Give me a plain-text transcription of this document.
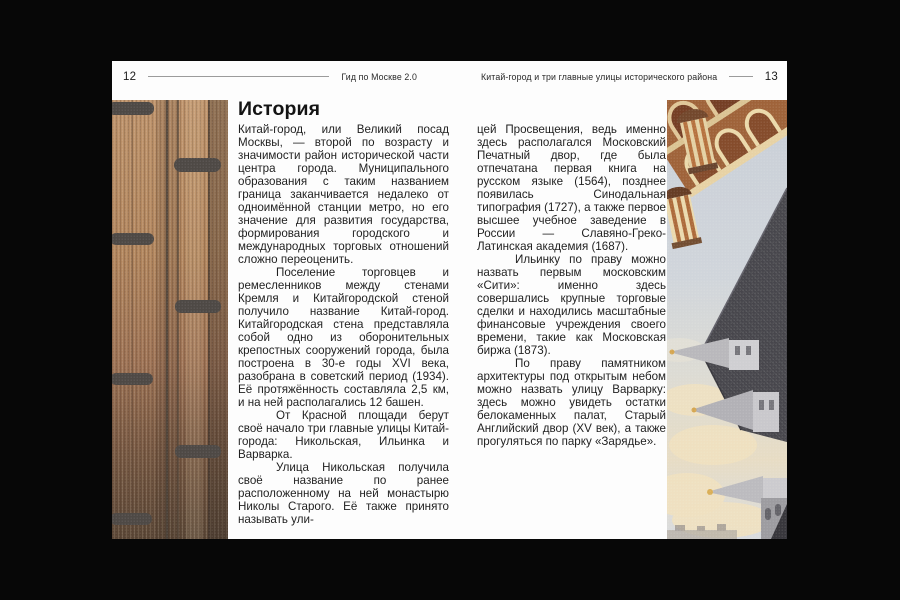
12	Гид по Москве 2.0	Китай-город и три главные улицы исторического района	13
История

Китай-город, или Великий посад Москвы, — второй по возрасту и значимости район исторической части центра города. Муниципального образования с таким названием граница заканчивается недалеко от одноимённой станции метро, но его значение для развития государства, формирования городского и международных торговых отношений сложно переоценить.

Поселение торговцев и ремесленников между стенами Кремля и Китайгородской стеной получило название Китай-город. Китайгородская стена представляла собой одно из оборонительных крепостных сооружений города, была построена в 30-е годы XVI века, разобрана в советский период (1934). Её протяжённость составляла 2,5 км, и на ней располагались 12 башен.

От Красной площади берут своё начало три главные улицы Китай-города: Никольская, Ильинка и Варварка.

Улица Никольская получила своё название по ранее расположенному на ней монастырю Николы Старого. Её также принято называть ули-

цей Просвещения, ведь именно здесь располагался Московский Печатный двор, где была отпечатана первая книга на русском языке (1564), позднее появилась Синодальная типография (1727), а также первое высшее учебное заведение в России — Славяно-Греко-Латинская академия (1687).

Ильинку по праву можно назвать первым московским «Сити»: именно здесь совершались крупные торговые сделки и находились масштабные финансовые учреждения своего времени, такие как Московская биржа (1873).

По праву памятником архитектуры под открытым небом можно назвать улицу Варварку: здесь можно увидеть остатки белокаменных палат, Старый Английский двор (XV век), а также прогуляться по парку «Зарядье».
